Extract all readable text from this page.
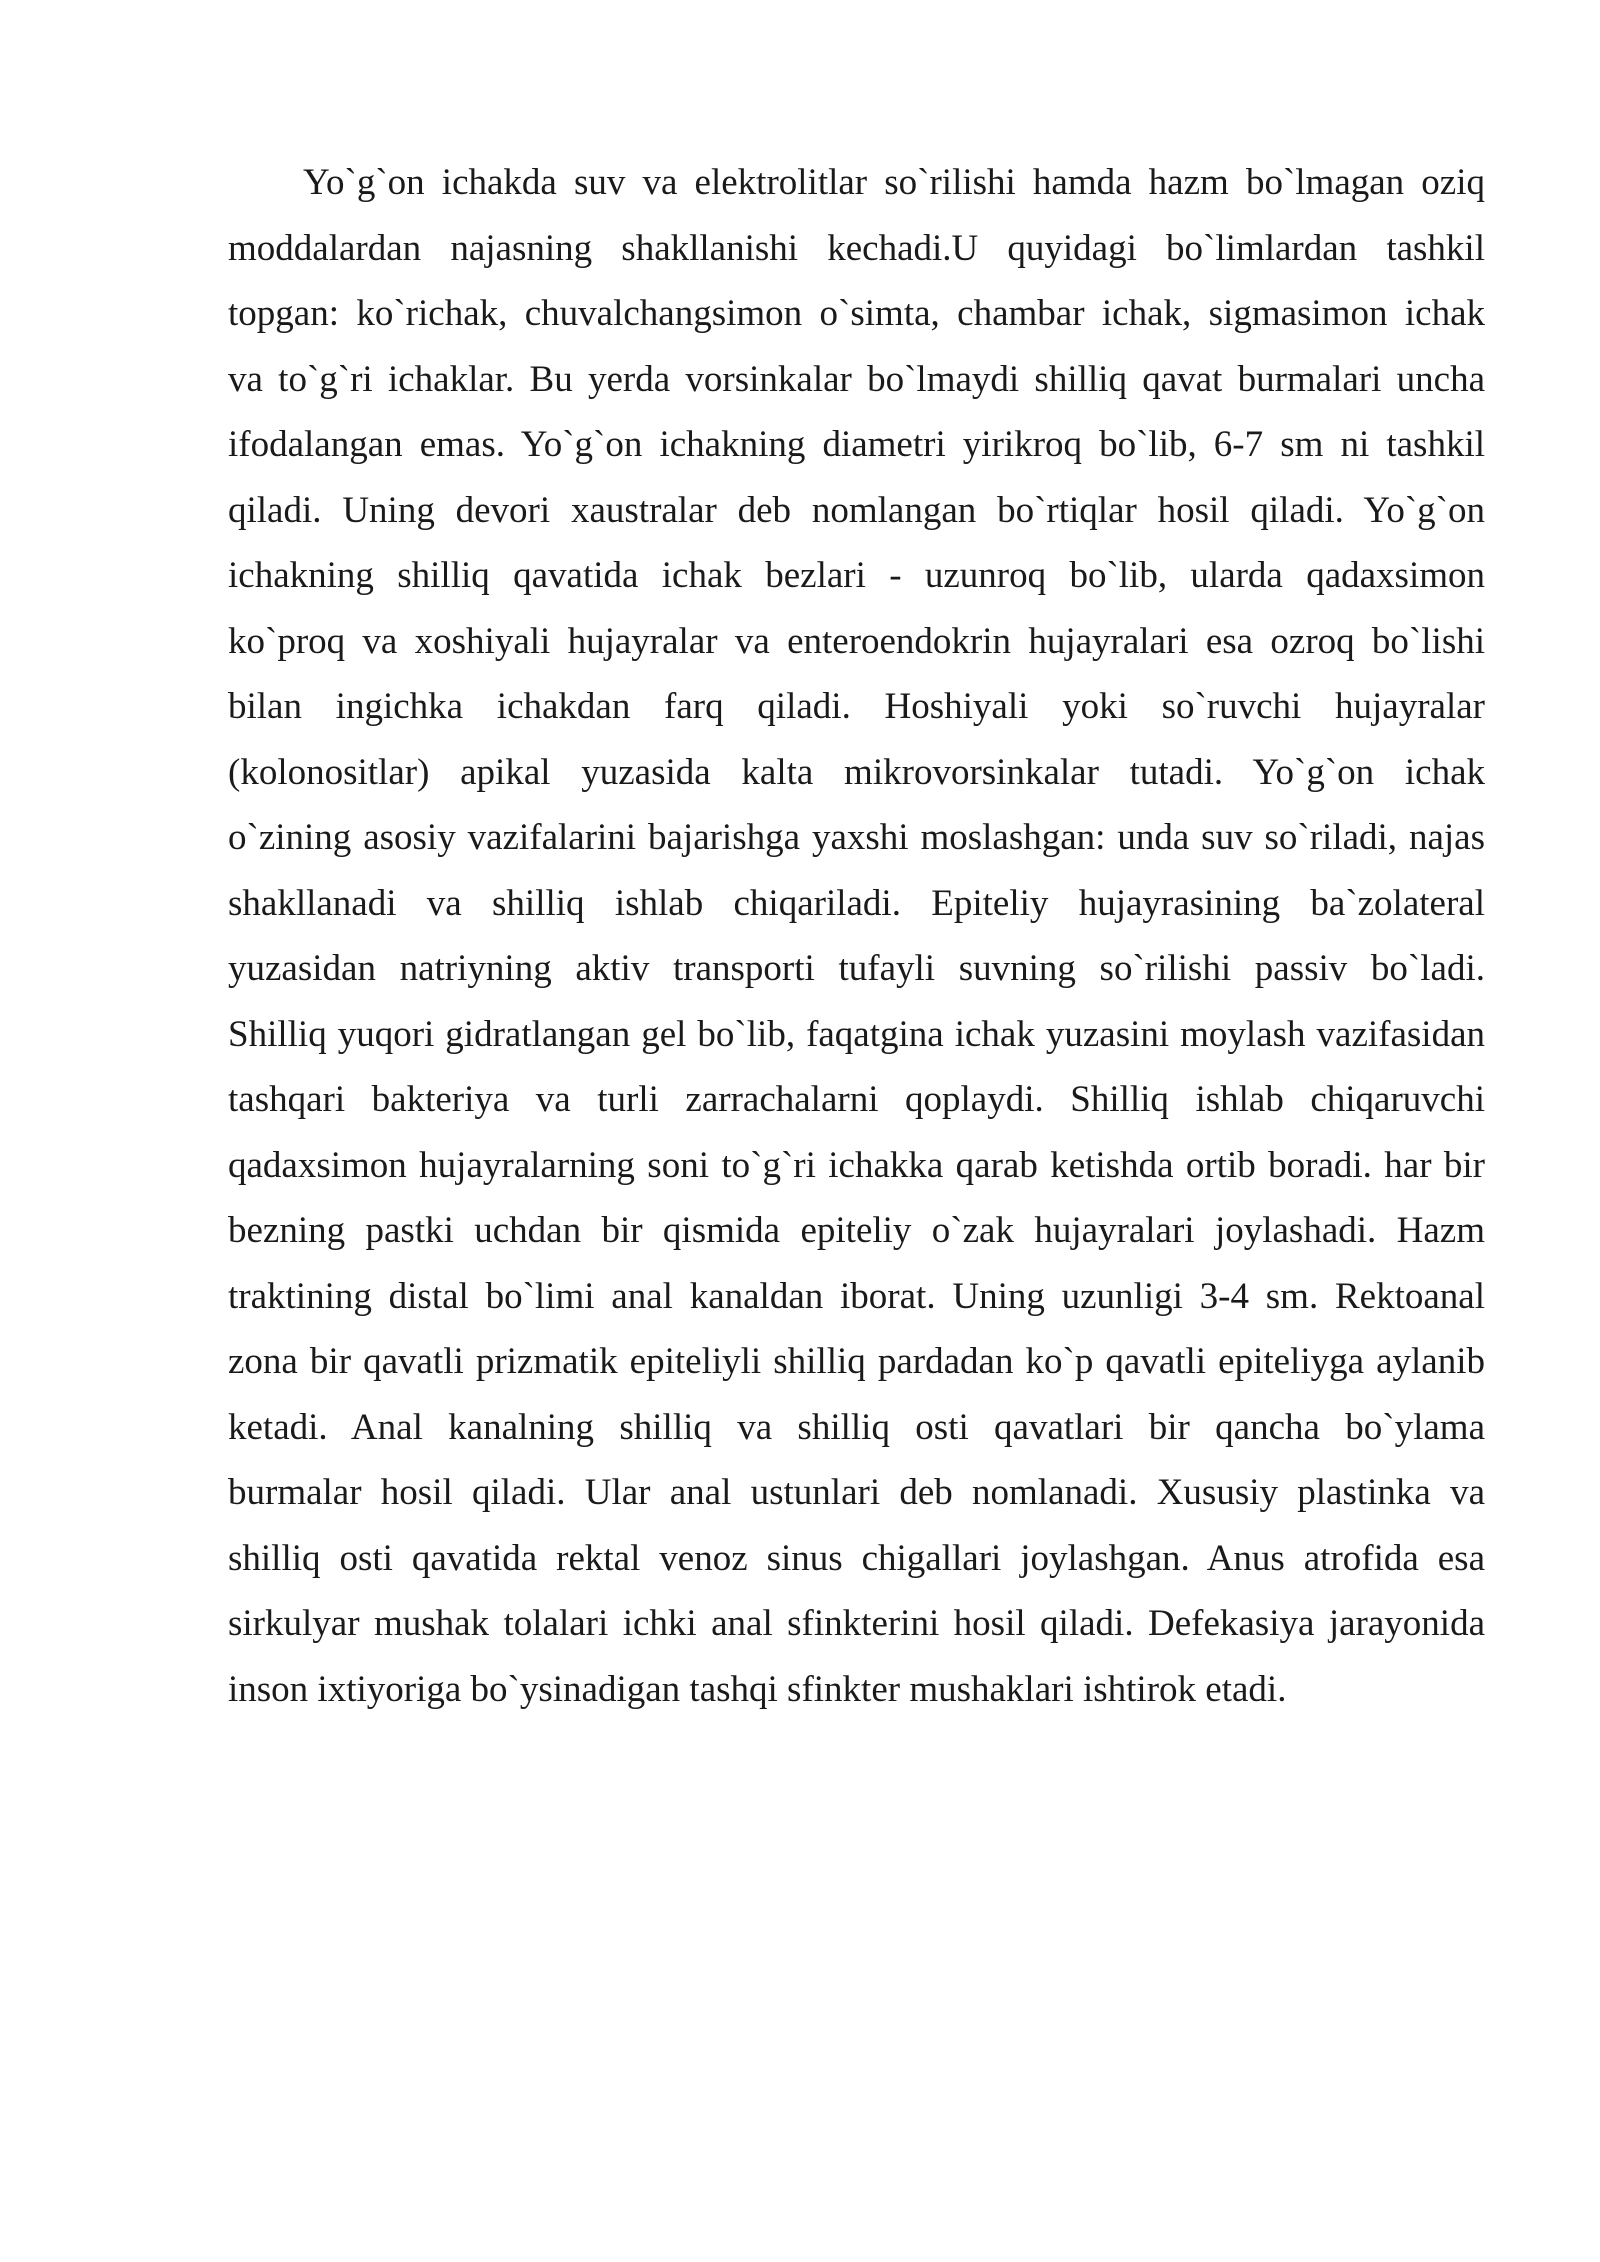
Yo`g`on ichakda suv va elektrolitlar so`rilishi hamda hazm bo`lmagan oziq
moddalardan najasning shakllanishi kechadi.U quyidagi bo`limlardan tashkil
topgan: ko`richak, chuvalchangsimon o`simta, chambar ichak, sigmasimon ichak
va to`g`ri ichaklar. Bu yerda vorsinkalar bo`lmaydi shilliq qavat burmalari uncha
ifodalangan emas. Yo`g`on ichakning diametri yirikroq bo`lib, 6-7 sm ni tashkil
qiladi. Uning devori xaustralar deb nomlangan bo`rtiqlar hosil qiladi. Yo`g`on
ichakning shilliq qavatida ichak bezlari - uzunroq bo`lib, ularda qadaxsimon
ko`proq va xoshiyali hujayralar va enteroendokrin hujayralari esa ozroq bo`lishi
bilan ingichka ichakdan farq qiladi. Hoshiyali yoki so`ruvchi hujayralar
(kolonositlar) apikal yuzasida kalta mikrovorsinkalar tutadi. Yo`g`on ichak
o`zining asosiy vazifalarini bajarishga yaxshi moslashgan: unda suv so`riladi, najas
shakllanadi va shilliq ishlab chiqariladi. Epiteliy hujayrasining ba`zolateral
yuzasidan natriyning aktiv transporti tufayli suvning so`rilishi passiv bo`ladi.
Shilliq yuqori gidratlangan gel bo`lib, faqatgina ichak yuzasini moylash vazifasidan
tashqari bakteriya va turli zarrachalarni qoplaydi. Shilliq ishlab chiqaruvchi
qadaxsimon hujayralarning soni to`g`ri ichakka qarab ketishda ortib boradi. har bir
bezning pastki uchdan bir qismida epiteliy o`zak hujayralari joylashadi. Hazm
traktining distal bo`limi anal kanaldan iborat. Uning uzunligi 3-4 sm. Rektoanal
zona bir qavatli prizmatik epiteliyli shilliq pardadan ko`p qavatli epiteliyga aylanib
ketadi. Anal kanalning shilliq va shilliq osti qavatlari bir qancha bo`ylama
burmalar hosil qiladi. Ular anal ustunlari deb nomlanadi. Xususiy plastinka va
shilliq osti qavatida rektal venoz sinus chigallari joylashgan. Anus atrofida esa
sirkulyar mushak tolalari ichki anal sfinkterini hosil qiladi. Defekasiya jarayonida
inson ixtiyoriga bo`ysinadigan tashqi sfinkter mushaklari ishtirok etadi.
